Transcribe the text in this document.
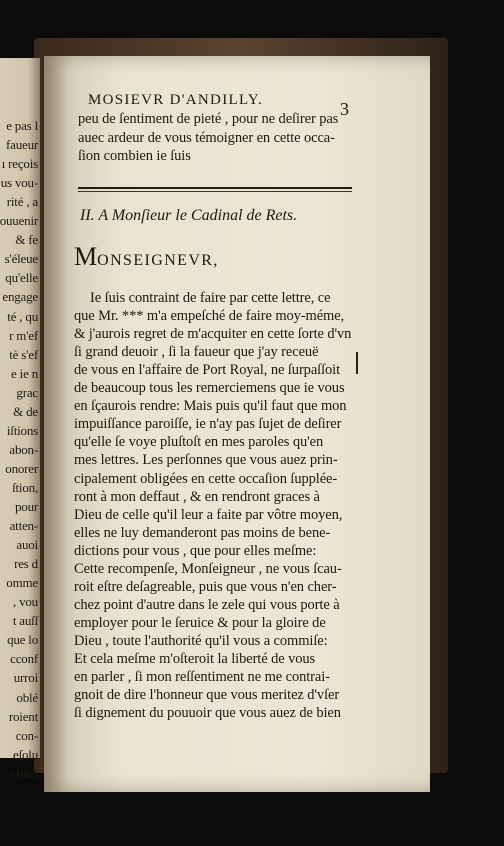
e pas l
faueur
ı reçois
us vou-
rité , a
ouuenir
& fe
s'éleue
qu'elle
engage
té , qu
r m'ef
tè s'ef
e ie n
grac
& de
iſtions
abon-
onorer
ſtion,
pour
atten-
auoi
res d
omme
, vou
t auſſ
que lo
cconf
urroi
oblé
roient
con-
eſolu
r bien
MOSIEVR D'ANDILLY.	3
peu de ſentiment de pieté , pour ne deſirer pas
auec ardeur de vous témoigner en cette occa-
ſion combien ie ſuis
II. A Monſieur le Cadinal de Rets.
MONSEIGNEVR,
Ie ſuis contraint de faire par cette lettre, ce
que Mr. *** m'a empeſché de faire moy-méme,
& j'aurois regret de m'acquiter en cette ſorte d'vn
ſi grand deuoir , ſi la faueur que j'ay receuë
de vous en l'affaire de Port Royal, ne ſurpaſſoit
de beaucoup tous les remerciemens que ie vous
en ſçaurois rendre: Mais puis qu'il faut que mon
impuiſſance paroiſſe, ie n'ay pas ſujet de deſirer
qu'elle ſe voye pluſtoſt en mes paroles qu'en
mes lettres. Les perſonnes que vous auez prin-
cipalement obligées en cette occaſion ſupplée-
ront à mon deffaut , & en rendront graces à
Dieu de celle qu'il leur a faite par vôtre moyen,
elles ne luy demanderont pas moins de bene-
dictions pour vous , que pour elles meſme:
Cette recompenſe, Monſeigneur , ne vous ſcau-
roit eſtre deſagreable, puis que vous n'en cher-
chez point d'autre dans le zele qui vous porte à
employer pour le ſeruice & pour la gloire de
Dieu , toute l'authorité qu'il vous a commiſe:
Et cela meſme m'oſteroit la liberté de vous
en parler , ſi mon reſſentiment ne me contrai-
gnoit de dire l'honneur que vous meritez d'vſer
ſi dignement du pouuoir que vous auez de bien
